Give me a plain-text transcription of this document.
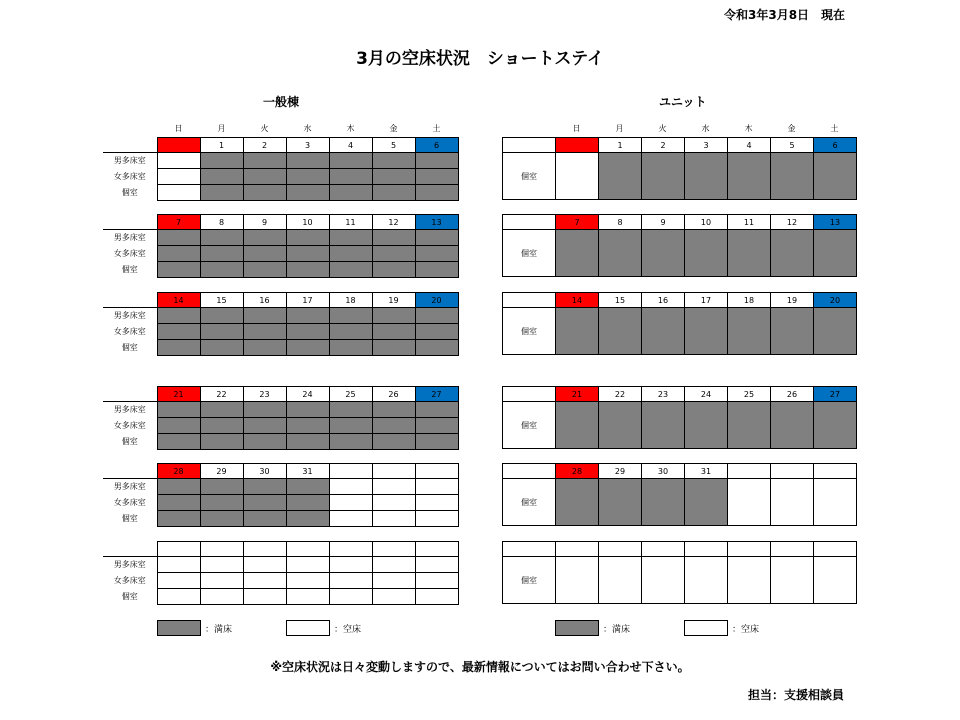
令和3年3月8日　現在
3月の空床状況　ショートステイ
一般棟	ユニット
日	月	火	水	木	金	土	日	月	火	水	木	金	土
		1	2	3	4	5	6
男多床室							
女多床室							
個室							
		1	2	3	4	5	6
個室							
	7	8	9	10	11	12	13
男多床室							
女多床室							
個室							
	7	8	9	10	11	12	13
個室							
	14	15	16	17	18	19	20
男多床室							
女多床室							
個室							
	14	15	16	17	18	19	20
個室							
	21	22	23	24	25	26	27
男多床室							
女多床室							
個室							
	21	22	23	24	25	26	27
個室							
	28	29	30	31			
男多床室							
女多床室							
個室							
	28	29	30	31			
個室							

男多床室							
女多床室							
個室							

個室							
：満床	：空床	：満床	：空床
※空床状況は日々変動しますので、最新情報についてはお問い合わせ下さい。
担当：支援相談員
